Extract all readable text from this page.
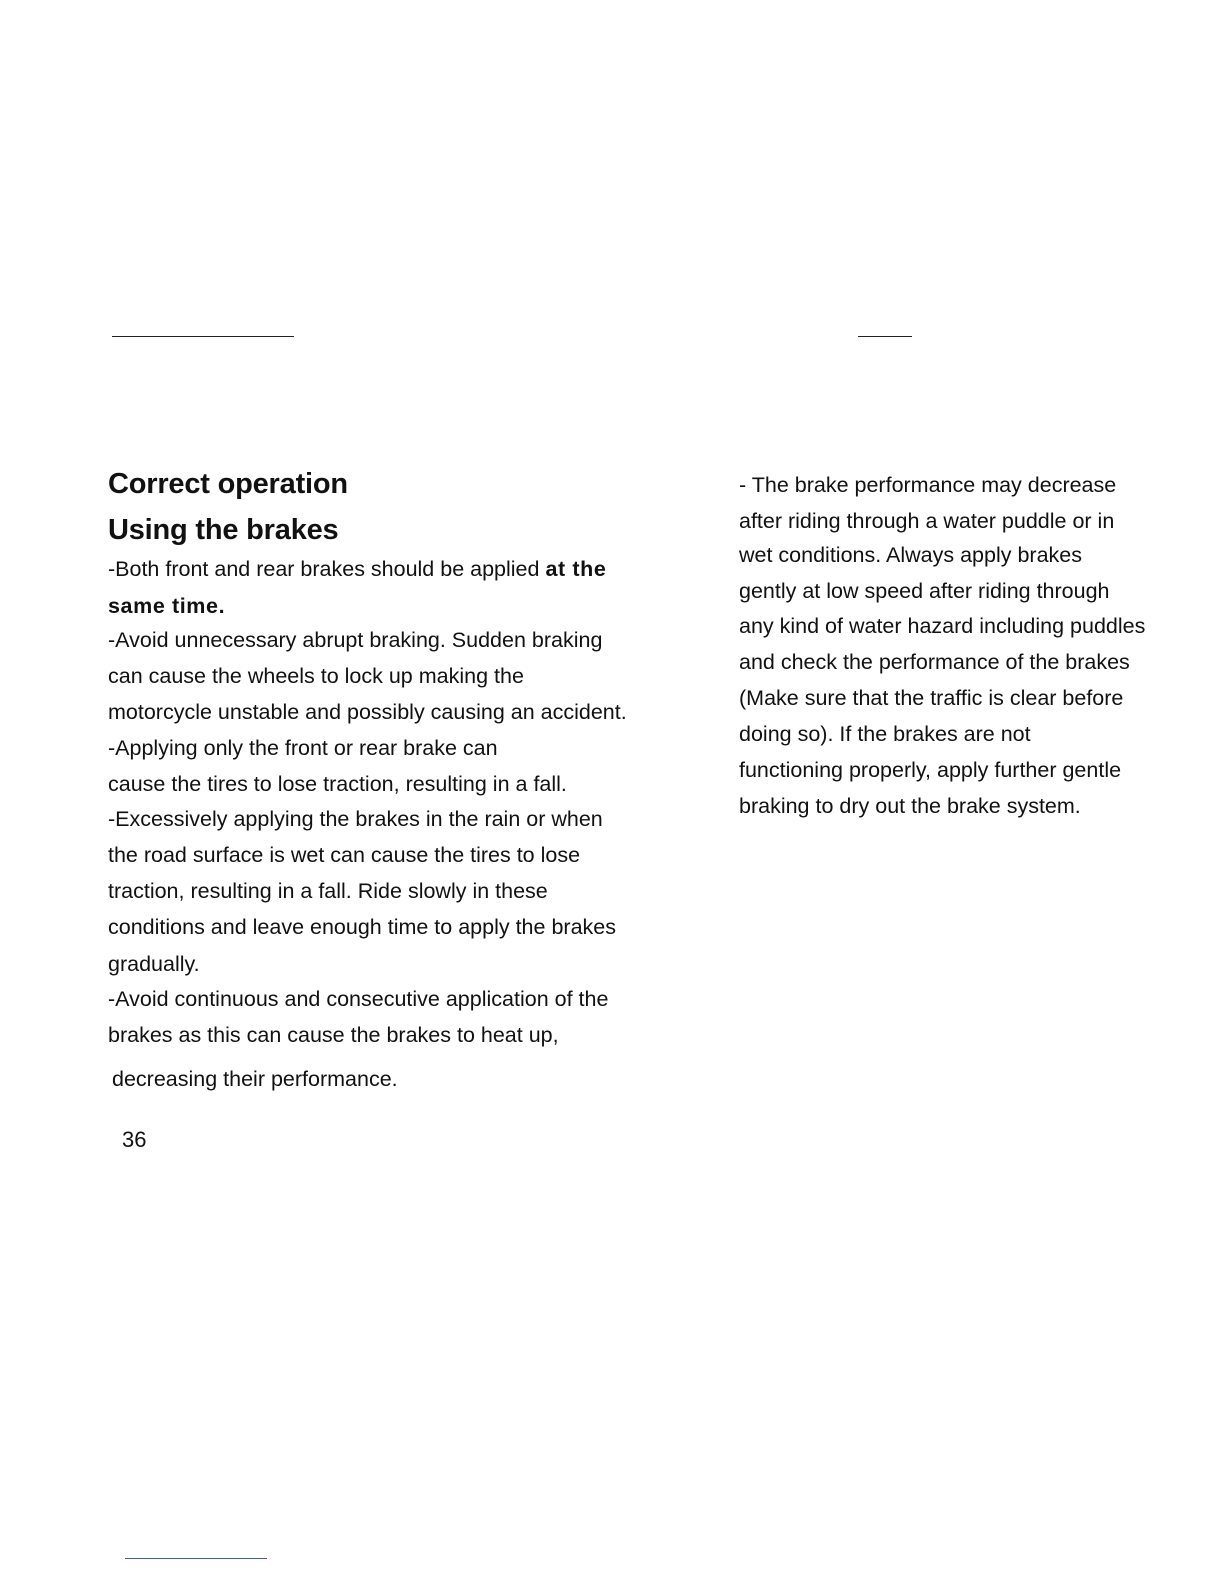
Correct operation
Using the brakes

-Both front and rear brakes should be applied at the

same time.

-Avoid unnecessary abrupt braking. Sudden braking

can cause the wheels to lock up making the

motorcycle unstable and possibly causing an accident.

-Applying only the front or rear brake can

cause the tires to lose traction, resulting in a fall.

-Excessively applying the brakes in the rain or when

the road surface is wet can cause the tires to lose

traction, resulting in a fall. Ride slowly in these

conditions and leave enough time to apply the brakes

gradually.

-Avoid continuous and consecutive application of the

brakes as this can cause the brakes to heat up,

decreasing their performance.

- The brake performance may decrease

after riding through a water puddle or in

wet conditions. Always apply brakes

gently at low speed after riding through

any kind of water hazard including puddles

and check the performance of the brakes

(Make sure that the traffic is clear before

doing so). If the brakes are not

functioning properly, apply further gentle

braking to dry out the brake system.

36
